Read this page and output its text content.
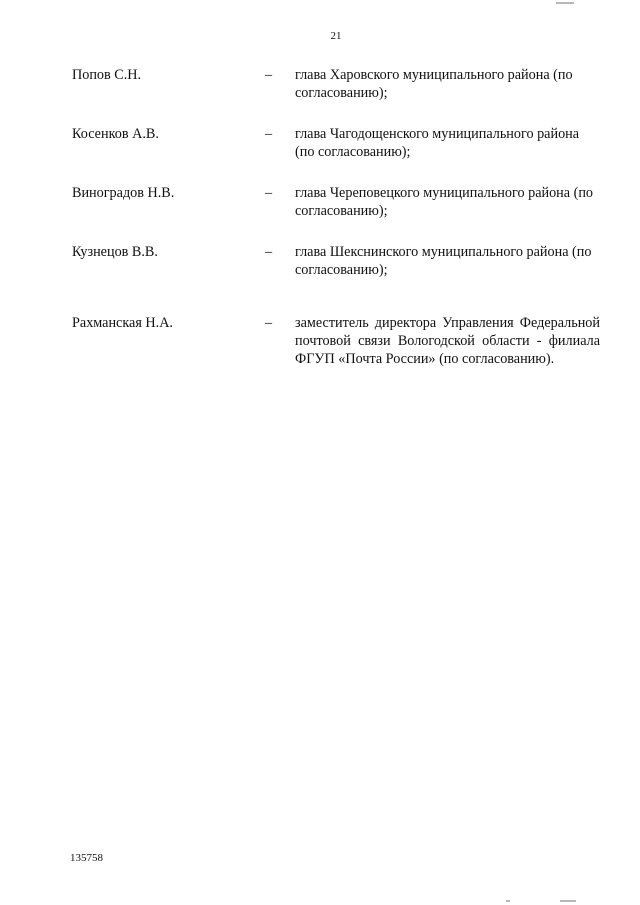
21
Попов С.Н.	– глава Харовского муниципального района (по согласованию);
Косенков А.В.	– глава Чагодощенского муниципального района (по согласованию);
Виноградов Н.В.	– глава Череповецкого муниципального района (по согласованию);
Кузнецов В.В.	– глава Шекснинского муниципального района (по согласованию);
Рахманская Н.А.	– заместитель директора Управления Федеральной почтовой связи Вологодской области - филиала ФГУП «Почта России» (по согласованию).
135758
